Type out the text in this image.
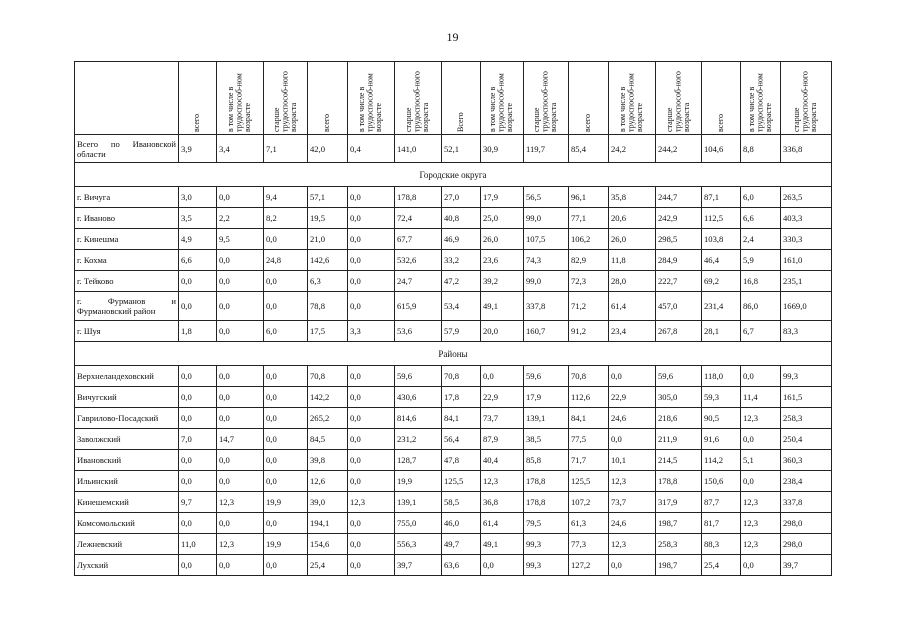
19

	всего	в том числе в трудоспособ-ном возрасте	старше трудоспособ-ного возраста	всего	в том числе в трудоспособ-ном возрасте	старше трудоспособ-ного возраста	Всего	в том числе в трудоспособ-ном возрасте	старше трудоспособ-ного возраста	всего	в том числе в трудоспособ-ном возрасте	старше трудоспособ-ного возраста	всего	в том числе в трудоспособ-ном возрасте	старше трудоспособ-ного возраста

Всего по Ивановской области	3,9	3,4	7,1	42,0	0,4	141,0	52,1	30,9	119,7	85,4	24,2	244,2	104,6	8,8	336,8
Городские округа															
г. Вичуга	3,0	0,0	9,4	57,1	0,0	178,8	27,0	17,9	56,5	96,1	35,8	244,7	87,1	6,0	263,5
г. Иваново	3,5	2,2	8,2	19,5	0,0	72,4	40,8	25,0	99,0	77,1	20,6	242,9	112,5	6,6	403,3
г. Кинешма	4,9	9,5	0,0	21,0	0,0	67,7	46,9	26,0	107,5	106,2	26,0	298,5	103,8	2,4	330,3
г. Кохма	6,6	0,0	24,8	142,6	0,0	532,6	33,2	23,6	74,3	82,9	11,8	284,9	46,4	5,9	161,0
г. Тейково	0,0	0,0	0,0	6,3	0,0	24,7	47,2	39,2	99,0	72,3	28,0	222,7	69,2	16,8	235,1
г. Фурманов и Фурмановский район	0,0	0,0	0,0	78,8	0,0	615,9	53,4	49,1	337,8	71,2	61,4	457,0	231,4	86,0	1669,0
г. Шуя	1,8	0,0	6,0	17,5	3,3	53,6	57,9	20,0	160,7	91,2	23,4	267,8	28,1	6,7	83,3
Районы															
Верхнеландеховский	0,0	0,0	0,0	70,8	0,0	59,6	70,8	0,0	59,6	70,8	0,0	59,6	118,0	0,0	99,3
Вичугский	0,0	0,0	0,0	142,2	0,0	430,6	17,8	22,9	17,9	112,6	22,9	305,0	59,3	11,4	161,5
Гаврилово-Посадский	0,0	0,0	0,0	265,2	0,0	814,6	84,1	73,7	139,1	84,1	24,6	218,6	90,5	12,3	258,3
Заволжский	7,0	14,7	0,0	84,5	0,0	231,2	56,4	87,9	38,5	77,5	0,0	211,9	91,6	0,0	250,4
Ивановский	0,0	0,0	0,0	39,8	0,0	128,7	47,8	40,4	85,8	71,7	10,1	214,5	114,2	5,1	360,3
Ильинский	0,0	0,0	0,0	12,6	0,0	19,9	125,5	12,3	178,8	125,5	12,3	178,8	150,6	0,0	238,4
Кинешемский	9,7	12,3	19,9	39,0	12,3	139,1	58,5	36,8	178,8	107,2	73,7	317,9	87,7	12,3	337,8
Комсомольский	0,0	0,0	0,0	194,1	0,0	755,0	46,0	61,4	79,5	61,3	24,6	198,7	81,7	12,3	298,0
Лежневский	11,0	12,3	19,9	154,6	0,0	556,3	49,7	49,1	99,3	77,3	12,3	258,3	88,3	12,3	298,0
Лухский	0,0	0,0	0,0	25,4	0,0	39,7	63,6	0,0	99,3	127,2	0,0	198,7	25,4	0,0	39,7
